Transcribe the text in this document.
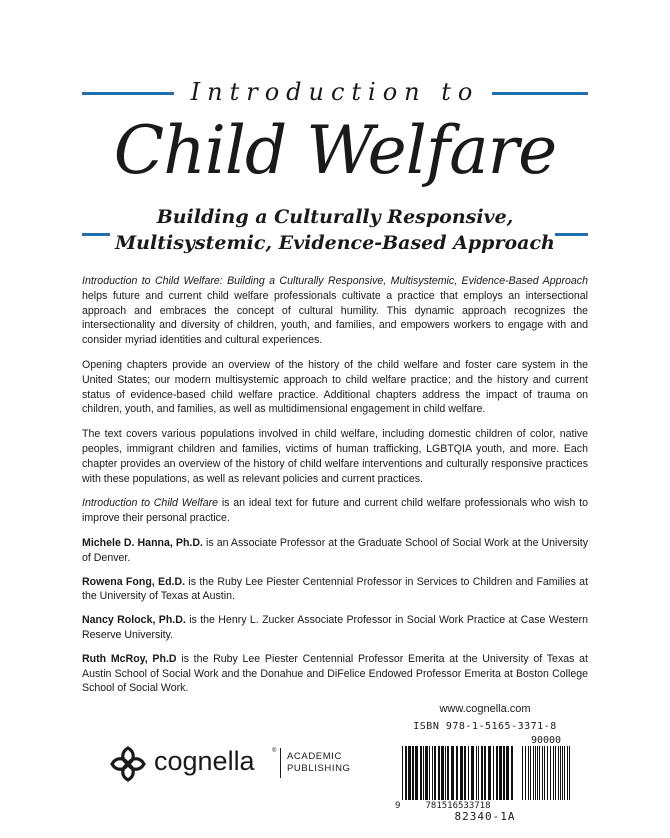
Introduction to
Child Welfare
Building a Culturally Responsive,
Multisystemic, Evidence-Based Approach

Introduction to Child Welfare: Building a Culturally Responsive, Multisystemic, Evidence-Based Approach helps future and current child welfare professionals cultivate a practice that employs an intersectional approach and embraces the concept of cultural humility. This dynamic approach recognizes the intersectionality and diversity of children, youth, and families, and empowers workers to engage with and consider myriad identities and cultural experiences.

Opening chapters provide an overview of the history of the child welfare and foster care system in the United States; our modern multisystemic approach to child welfare practice; and the history and current status of evidence-based child welfare practice. Additional chapters address the impact of trauma on children, youth, and families, as well as multidimensional engagement in child welfare.

The text covers various populations involved in child welfare, including domestic children of color, native peoples, immigrant children and families, victims of human trafficking, LGBTQIA youth, and more. Each chapter provides an overview of the history of child welfare interventions and culturally responsive practices with these populations, as well as relevant policies and current practices.

Introduction to Child Welfare is an ideal text for future and current child welfare professionals who wish to improve their personal practice.

Michele D. Hanna, Ph.D. is an Associate Professor at the Graduate School of Social Work at the University of Denver.

Rowena Fong, Ed.D. is the Ruby Lee Piester Centennial Professor in Services to Children and Families at the University of Texas at Austin.

Nancy Rolock, Ph.D. is the Henry L. Zucker Associate Professor in Social Work Practice at Case Western Reserve University.

Ruth McRoy, Ph.D is the Ruby Lee Piester Centennial Professor Emerita at the University of Texas at Austin School of Social Work and the Donahue and DiFelice Endowed Professor Emerita at Boston College School of Social Work.

cognella	® ACADEMIC
PUBLISHING
www.cognella.com
ISBN 978-1-5165-3371-8
90000
9	781516533718
82340-1A
